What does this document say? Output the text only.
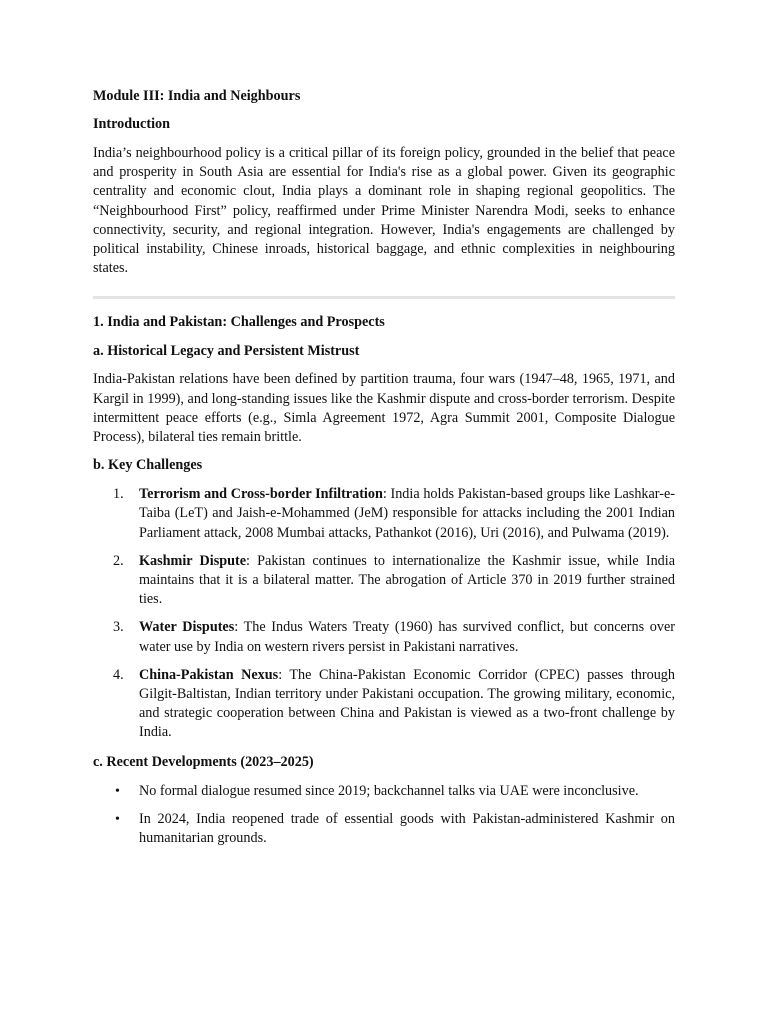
Module III: India and Neighbours

Introduction

India’s neighbourhood policy is a critical pillar of its foreign policy, grounded in the belief that peace and prosperity in South Asia are essential for India's rise as a global power. Given its geographic centrality and economic clout, India plays a dominant role in shaping regional geopolitics. The “Neighbourhood First” policy, reaffirmed under Prime Minister Narendra Modi, seeks to enhance connectivity, security, and regional integration. However, India's engagements are challenged by political instability, Chinese inroads, historical baggage, and ethnic complexities in neighbouring states.

1. India and Pakistan: Challenges and Prospects

a. Historical Legacy and Persistent Mistrust

India-Pakistan relations have been defined by partition trauma, four wars (1947–48, 1965, 1971, and Kargil in 1999), and long-standing issues like the Kashmir dispute and cross-border terrorism. Despite intermittent peace efforts (e.g., Simla Agreement 1972, Agra Summit 2001, Composite Dialogue Process), bilateral ties remain brittle.

b. Key Challenges

1.	Terrorism and Cross-border Infiltration: India holds Pakistan-based groups like Lashkar-e-Taiba (LeT) and Jaish-e-Mohammed (JeM) responsible for attacks including the 2001 Indian Parliament attack, 2008 Mumbai attacks, Pathankot (2016), Uri (2016), and Pulwama (2019).
2.	Kashmir Dispute: Pakistan continues to internationalize the Kashmir issue, while India maintains that it is a bilateral matter. The abrogation of Article 370 in 2019 further strained ties.
3.	Water Disputes: The Indus Waters Treaty (1960) has survived conflict, but concerns over water use by India on western rivers persist in Pakistani narratives.
4.	China-Pakistan Nexus: The China-Pakistan Economic Corridor (CPEC) passes through Gilgit-Baltistan, Indian territory under Pakistani occupation. The growing military, economic, and strategic cooperation between China and Pakistan is viewed as a two-front challenge by India.

c. Recent Developments (2023–2025)

• No formal dialogue resumed since 2019; backchannel talks via UAE were inconclusive.
• In 2024, India reopened trade of essential goods with Pakistan-administered Kashmir on humanitarian grounds.
